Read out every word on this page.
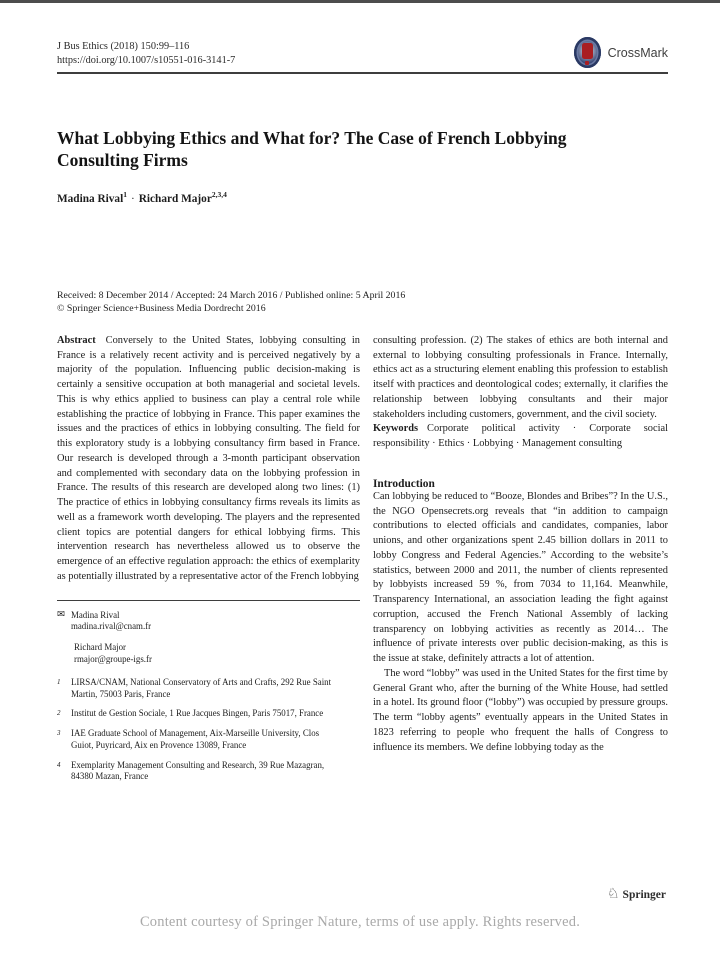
J Bus Ethics (2018) 150:99–116
https://doi.org/10.1007/s10551-016-3141-7
CrossMark
What Lobbying Ethics and What for? The Case of French Lobbying Consulting Firms
Madina Rival$^1$ · Richard Major$^{2,3,4}$
Received: 8 December 2014 / Accepted: 24 March 2016 / Published online: 5 April 2016
© Springer Science+Business Media Dordrecht 2016

Abstract Conversely to the United States, lobbying consulting in France is a relatively recent activity and is perceived negatively by a majority of the population. Influencing public decision-making is certainly a sensitive occupation at both managerial and societal levels. This is why ethics applied to business can play a central role while establishing the practice of lobbying in France. This paper examines the issues and the practices of ethics in lobbying consulting. The field for this exploratory study is a lobbying consultancy firm based in France. Our research is developed through a 3-month participant observation and complemented with secondary data on the lobbying profession in France. The results of this research are developed along two lines: (1) The practice of ethics in lobbying consultancy firms reveals its limits as well as a framework worth developing. The players and the represented client topics are potential dangers for ethical lobbying firms. This intervention research has nevertheless allowed us to observe the emergence of an effective regulation approach: the ethics of exemplarity as potentially illustrated by a representative actor of the French lobbying

✉ Madina Rival
madina.rival@cnam.fr
Richard Major
rmajor@groupe-igs.fr
1 LIRSA/CNAM, National Conservatory of Arts and Crafts, 292 Rue Saint Martin, 75003 Paris, France
2 Institut de Gestion Sociale, 1 Rue Jacques Bingen, Paris 75017, France
3 IAE Graduate School of Management, Aix-Marseille University, Clos Guiot, Puyricard, Aix en Provence 13089, France
4 Exemplarity Management Consulting and Research, 39 Rue Mazagran, 84380 Mazan, France

consulting profession. (2) The stakes of ethics are both internal and external to lobbying consulting professionals in France. Internally, ethics act as a structuring element enabling this profession to establish itself with practices and deontological codes; externally, it clarifies the relationship between lobbying consultants and their major stakeholders including customers, government, and the civil society.

Keywords Corporate political activity · Corporate social responsibility · Ethics · Lobbying · Management consulting

Introduction

Can lobbying be reduced to “Booze, Blondes and Bribes”? In the U.S., the NGO Opensecrets.org reveals that “in addition to campaign contributions to elected officials and candidates, companies, labor unions, and other organizations spent 2.45 billion dollars in 2011 to lobby Congress and Federal Agencies.” According to the website’s statistics, between 2000 and 2011, the number of clients represented by lobbyists increased 59 %, from 7034 to 11,164. Meanwhile, Transparency International, an association leading the fight against corruption, accused the French National Assembly of lacking transparency on lobbying activities as recently as 2014… The influence of private interests over public decision-making, as this is the issue at stake, definitely attracts a lot of attention.

The word “lobby” was used in the United States for the first time by General Grant who, after the burning of the White House, had settled in a hotel. Its ground floor (“lobby”) was occupied by pressure groups. The term “lobby agents” eventually appears in the United States in 1823 referring to people who frequent the halls of Congress to influence its members. We define lobbying today as the

♘ Springer
Content courtesy of Springer Nature, terms of use apply. Rights reserved.
